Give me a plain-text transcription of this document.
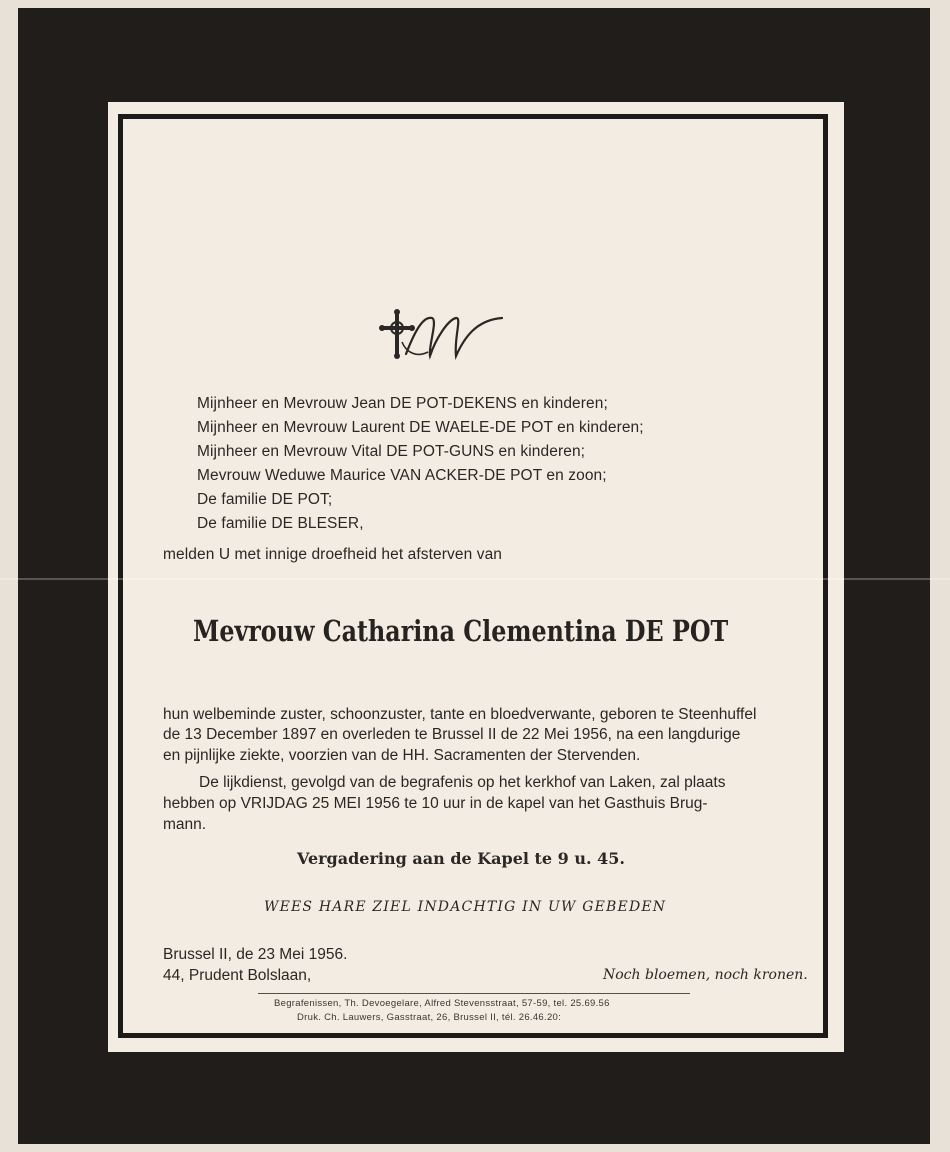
Mijnheer en Mevrouw Jean DE POT-DEKENS en kinderen;
Mijnheer en Mevrouw Laurent DE WAELE-DE POT en kinderen;
Mijnheer en Mevrouw Vital DE POT-GUNS en kinderen;
Mevrouw Weduwe Maurice VAN ACKER-DE POT en zoon;
De familie DE POT;
De familie DE BLESER,
melden U met innige droefheid het afsterven van
Mevrouw Catharina Clementina DE POT
hun welbeminde zuster, schoonzuster, tante en bloedverwante, geboren te Steenhuffel
de 13 December 1897 en overleden te Brussel II de 22 Mei 1956, na een langdurige
en pijnlijke ziekte, voorzien van de HH. Sacramenten der Stervenden.
De lijkdienst, gevolgd van de begrafenis op het kerkhof van Laken, zal plaats
hebben op VRIJDAG 25 MEI 1956 te 10 uur in de kapel van het Gasthuis Brug-
mann.
Vergadering aan de Kapel te 9 u. 45.
WEES HARE ZIEL INDACHTIG IN UW GEBEDEN
Brussel II, de 23 Mei 1956.
44, Prudent Bolslaan,	Noch bloemen, noch kronen.
Begrafenissen, Th. Devoegelare, Alfred Stevensstraat, 57-59, tel. 25.69.56
Druk. Ch. Lauwers, Gasstraat, 26, Brussel II, tél. 26.46.20:
